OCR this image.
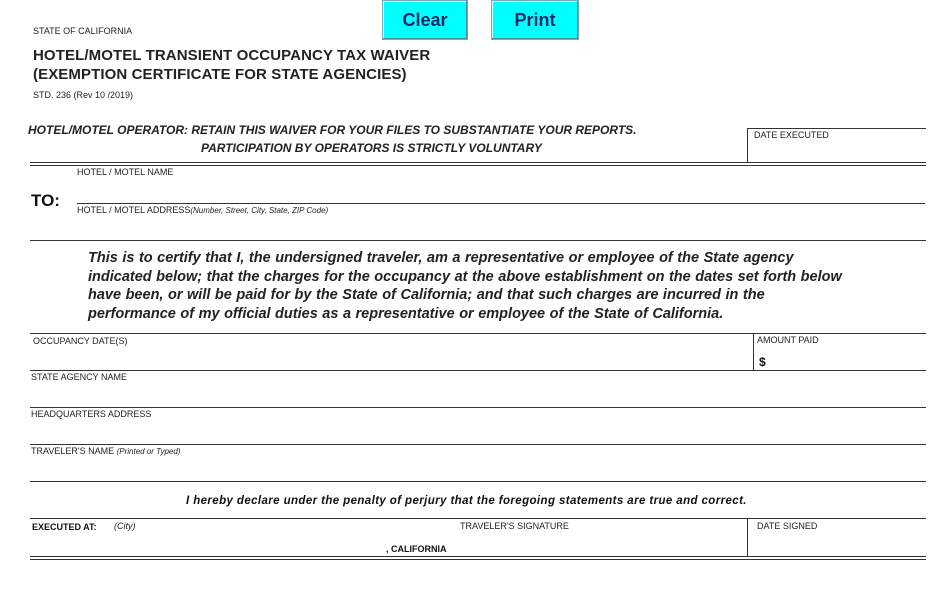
Clear	Print
STATE OF CALIFORNIA
HOTEL/MOTEL TRANSIENT OCCUPANCY TAX WAIVER
(EXEMPTION CERTIFICATE FOR STATE AGENCIES)
STD. 236 (Rev 10 /2019)
HOTEL/MOTEL OPERATOR: RETAIN THIS WAIVER FOR YOUR FILES TO SUBSTANTIATE YOUR REPORTS.
PARTICIPATION BY OPERATORS IS STRICTLY VOLUNTARY
DATE EXECUTED
HOTEL / MOTEL NAME
TO: HOTEL / MOTEL ADDRESS(Number, Street, City, State, ZIP Code)
This is to certify that I, the undersigned traveler, am a representative or employee of the State agency indicated below; that the charges for the occupancy at the above establishment on the dates set forth below have been, or will be paid for by the State of California; and that such charges are incurred in the performance of my official duties as a representative or employee of the State of California.
OCCUPANCY DATE(S)	AMOUNT PAID
$
STATE AGENCY NAME
HEADQUARTERS ADDRESS
TRAVELER'S NAME (Printed or Typed)
I hereby declare under the penalty of perjury that the foregoing statements are true and correct.
EXECUTED AT: (City)	TRAVELER'S SIGNATURE
, CALIFORNIA
DATE SIGNED
